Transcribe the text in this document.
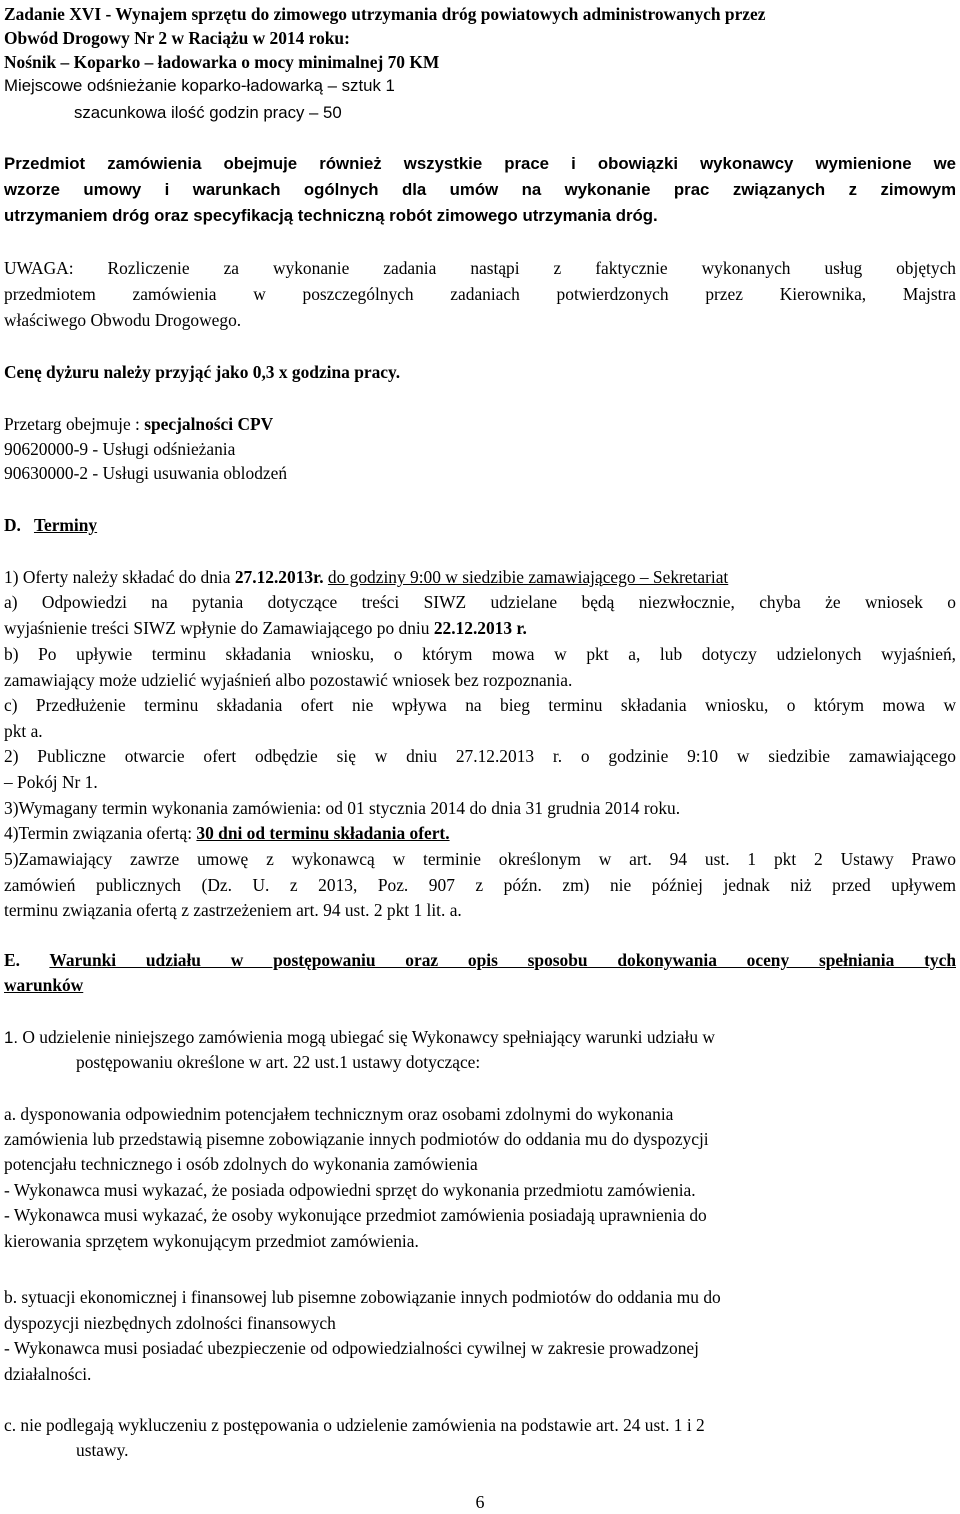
Zadanie XVI - Wynajem sprzętu do zimowego utrzymania dróg powiatowych administrowanych przez
Obwód Drogowy Nr 2 w Raciążu w 2014 roku:
Nośnik – Koparko – ładowarka o mocy minimalnej 70 KM
Miejscowe odśnieżanie koparko-ładowarką – sztuk 1
szacunkowa ilość godzin pracy – 50
Przedmiot zamówienia obejmuje również wszystkie prace i obowiązki wykonawcy wymienione we
wzorze umowy i warunkach ogólnych dla umów na wykonanie prac związanych z zimowym
utrzymaniem dróg oraz specyfikacją techniczną robót zimowego utrzymania dróg.
UWAGA: Rozliczenie za wykonanie zadania nastąpi z faktycznie wykonanych usług objętych
przedmiotem zamówienia w poszczególnych zadaniach potwierdzonych przez Kierownika, Majstra
właściwego Obwodu Drogowego.
Cenę dyżuru należy przyjąć jako 0,3 x godzina pracy.
Przetarg obejmuje : specjalności CPV
90620000-9 - Usługi odśnieżania
90630000-2 - Usługi usuwania oblodzeń
D. Terminy
1) Oferty należy składać do dnia 27.12.2013r. do godziny 9:00 w siedzibie zamawiającego – Sekretariat
a) Odpowiedzi na pytania dotyczące treści SIWZ udzielane będą niezwłocznie, chyba że wniosek o
wyjaśnienie treści SIWZ wpłynie do Zamawiającego po dniu 22.12.2013 r.
b) Po upływie terminu składania wniosku, o którym mowa w pkt a, lub dotyczy udzielonych wyjaśnień,
zamawiający może udzielić wyjaśnień albo pozostawić wniosek bez rozpoznania.
c) Przedłużenie terminu składania ofert nie wpływa na bieg terminu składania wniosku, o którym mowa w
pkt a.
2) Publiczne otwarcie ofert odbędzie się w dniu 27.12.2013 r. o godzinie 9:10 w siedzibie zamawiającego
– Pokój Nr 1.
3)Wymagany termin wykonania zamówienia: od 01 stycznia 2014 do dnia 31 grudnia 2014 roku.
4)Termin związania ofertą: 30 dni od terminu składania ofert.
5)Zamawiający zawrze umowę z wykonawcą w terminie określonym w art. 94 ust. 1 pkt 2 Ustawy Prawo
zamówień publicznych (Dz. U. z 2013, Poz. 907 z późn. zm) nie później jednak niż przed upływem
terminu związania ofertą z zastrzeżeniem art. 94 ust. 2 pkt 1 lit. a.
E. Warunki udziału w postępowaniu oraz opis sposobu dokonywania oceny spełniania tych
warunków
1. O udzielenie niniejszego zamówienia mogą ubiegać się Wykonawcy spełniający warunki udziału w
postępowaniu określone w art. 22 ust.1 ustawy dotyczące:
a. dysponowania odpowiednim potencjałem technicznym oraz osobami zdolnymi do wykonania
zamówienia lub przedstawią pisemne zobowiązanie innych podmiotów do oddania mu do dyspozycji
potencjału technicznego i osób zdolnych do wykonania zamówienia
- Wykonawca musi wykazać, że posiada odpowiedni sprzęt do wykonania przedmiotu zamówienia.
- Wykonawca musi wykazać, że osoby wykonujące przedmiot zamówienia posiadają uprawnienia do
kierowania sprzętem wykonującym przedmiot zamówienia.
b. sytuacji ekonomicznej i finansowej lub pisemne zobowiązanie innych podmiotów do oddania mu do
dyspozycji niezbędnych zdolności finansowych
- Wykonawca musi posiadać ubezpieczenie od odpowiedzialności cywilnej w zakresie prowadzonej
działalności.
c. nie podlegają wykluczeniu z postępowania o udzielenie zamówienia na podstawie art. 24 ust. 1 i 2
ustawy.
6
